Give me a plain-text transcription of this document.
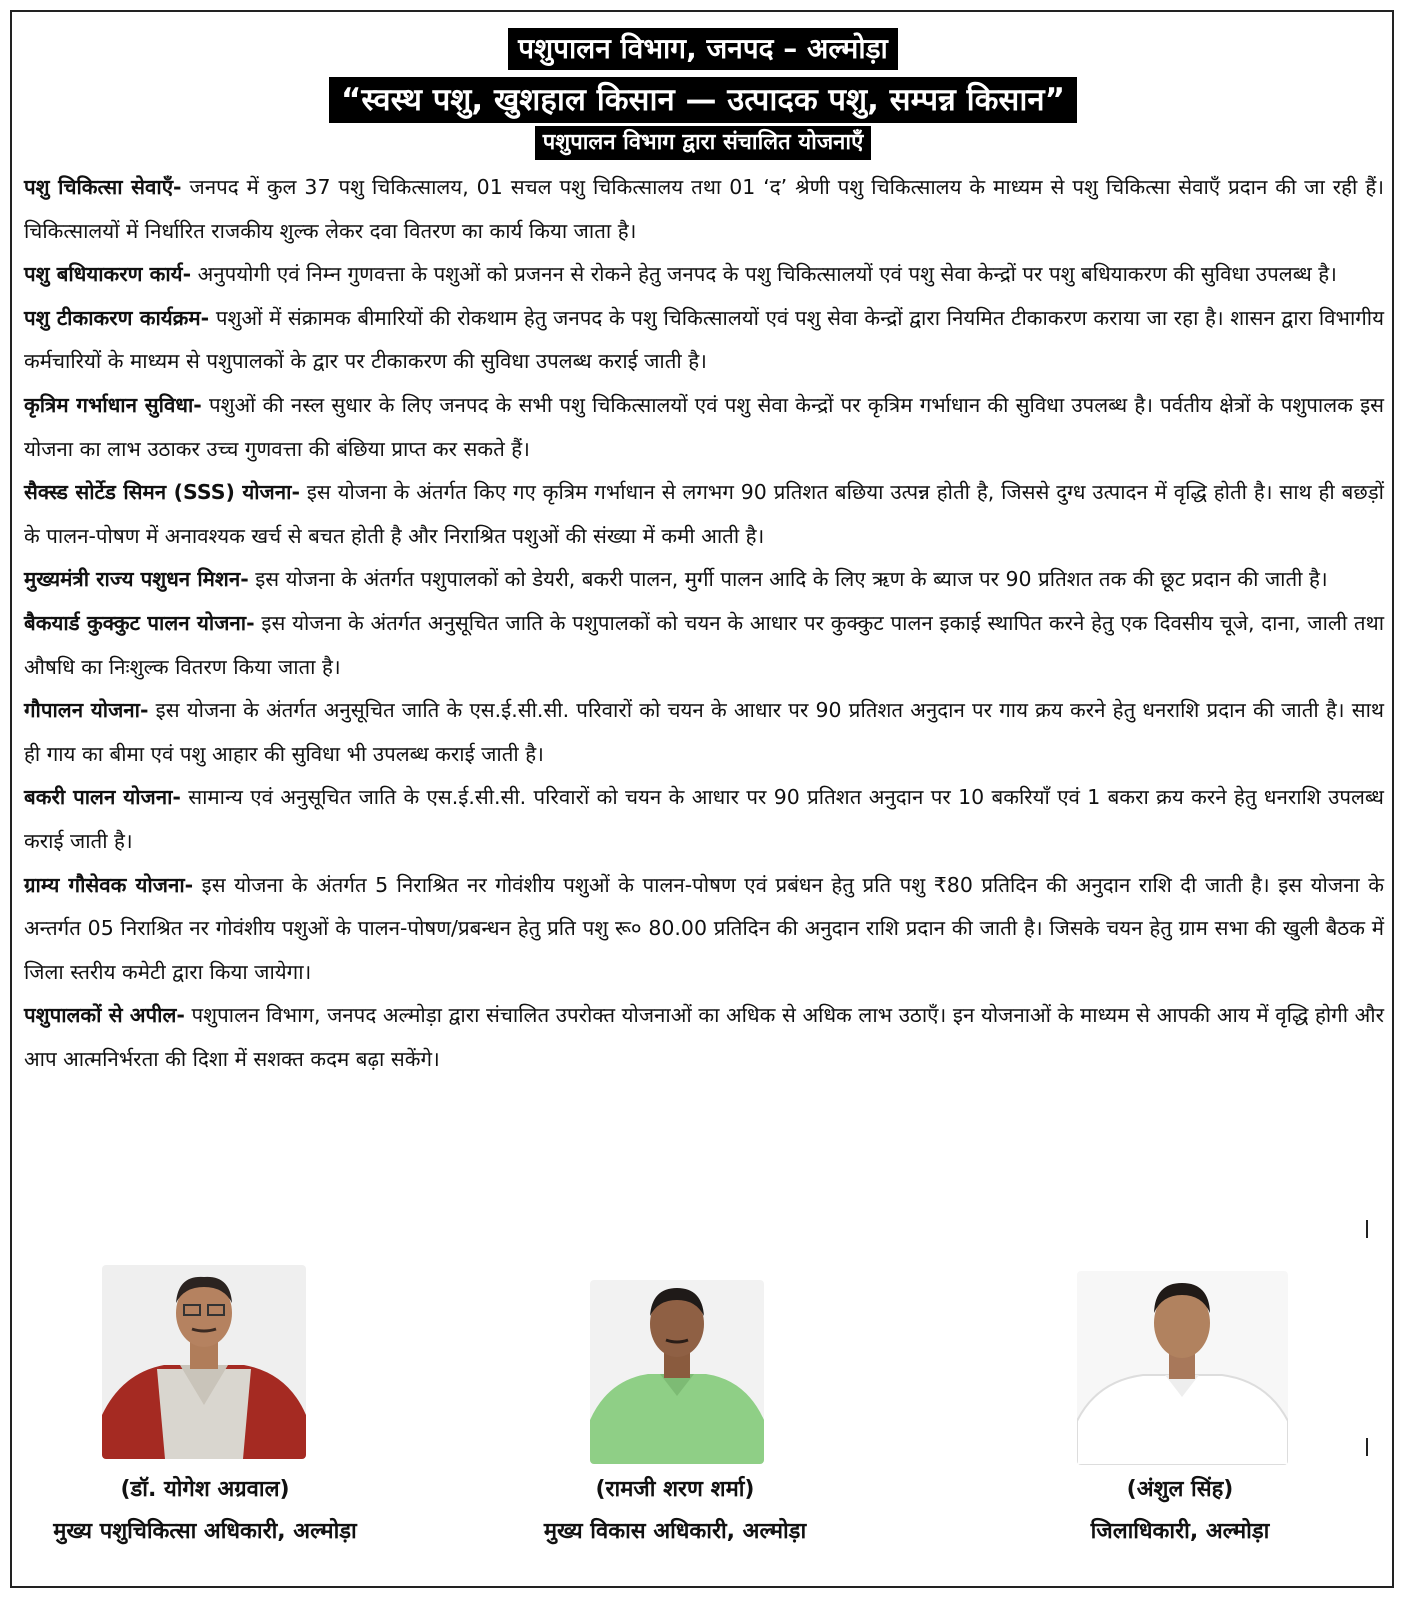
पशुपालन विभाग, जनपद – अल्मोड़ा
“स्वस्थ पशु, खुशहाल किसान — उत्पादक पशु, सम्पन्न किसान”
पशुपालन विभाग द्वारा संचालित योजनाएँ

पशु चिकित्सा सेवाएँ- जनपद में कुल 37 पशु चिकित्सालय, 01 सचल पशु चिकित्सालय तथा 01 ‘द’ श्रेणी पशु चिकित्सालय के माध्यम से पशु चिकित्सा सेवाएँ प्रदान की जा रही हैं। चिकित्सालयों में निर्धारित राजकीय शुल्क लेकर दवा वितरण का कार्य किया जाता है।

पशु बधियाकरण कार्य- अनुपयोगी एवं निम्न गुणवत्ता के पशुओं को प्रजनन से रोकने हेतु जनपद के पशु चिकित्सालयों एवं पशु सेवा केन्द्रों पर पशु बधियाकरण की सुविधा उपलब्ध है।

पशु टीकाकरण कार्यक्रम- पशुओं में संक्रामक बीमारियों की रोकथाम हेतु जनपद के पशु चिकित्सालयों एवं पशु सेवा केन्द्रों द्वारा नियमित टीकाकरण कराया जा रहा है। शासन द्वारा विभागीय कर्मचारियों के माध्यम से पशुपालकों के द्वार पर टीकाकरण की सुविधा उपलब्ध कराई जाती है।

कृत्रिम गर्भाधान सुविधा- पशुओं की नस्ल सुधार के लिए जनपद के सभी पशु चिकित्सालयों एवं पशु सेवा केन्द्रों पर कृत्रिम गर्भाधान की सुविधा उपलब्ध है। पर्वतीय क्षेत्रों के पशुपालक इस योजना का लाभ उठाकर उच्च गुणवत्ता की बंछिया प्राप्त कर सकते हैं।

सैक्स्ड सोर्टेड सिमन (SSS) योजना- इस योजना के अंतर्गत किए गए कृत्रिम गर्भाधान से लगभग 90 प्रतिशत बछिया उत्पन्न होती है, जिससे दुग्ध उत्पादन में वृद्धि होती है। साथ ही बछड़ों के पालन-पोषण में अनावश्यक खर्च से बचत होती है और निराश्रित पशुओं की संख्या में कमी आती है।

मुख्यमंत्री राज्य पशुधन मिशन- इस योजना के अंतर्गत पशुपालकों को डेयरी, बकरी पालन, मुर्गी पालन आदि के लिए ऋण के ब्याज पर 90 प्रतिशत तक की छूट प्रदान की जाती है।

बैकयार्ड कुक्कुट पालन योजना- इस योजना के अंतर्गत अनुसूचित जाति के पशुपालकों को चयन के आधार पर कुक्कुट पालन इकाई स्थापित करने हेतु एक दिवसीय चूजे, दाना, जाली तथा औषधि का निःशुल्क वितरण किया जाता है।

गौपालन योजना- इस योजना के अंतर्गत अनुसूचित जाति के एस.ई.सी.सी. परिवारों को चयन के आधार पर 90 प्रतिशत अनुदान पर गाय क्रय करने हेतु धनराशि प्रदान की जाती है। साथ ही गाय का बीमा एवं पशु आहार की सुविधा भी उपलब्ध कराई जाती है।

बकरी पालन योजना- सामान्य एवं अनुसूचित जाति के एस.ई.सी.सी. परिवारों को चयन के आधार पर 90 प्रतिशत अनुदान पर 10 बकरियाँ एवं 1 बकरा क्रय करने हेतु धनराशि उपलब्ध कराई जाती है।

ग्राम्य गौसेवक योजना- इस योजना के अंतर्गत 5 निराश्रित नर गोवंशीय पशुओं के पालन-पोषण एवं प्रबंधन हेतु प्रति पशु ₹80 प्रतिदिन की अनुदान राशि दी जाती है। इस योजना के अन्तर्गत 05 निराश्रित नर गोवंशीय पशुओं के पालन-पोषण/प्रबन्धन हेतु प्रति पशु रू० 80.00 प्रतिदिन की अनुदान राशि प्रदान की जाती है। जिसके चयन हेतु ग्राम सभा की खुली बैठक में जिला स्तरीय कमेटी द्वारा किया जायेगा।

पशुपालकों से अपील- पशुपालन विभाग, जनपद अल्मोड़ा द्वारा संचालित उपरोक्त योजनाओं का अधिक से अधिक लाभ उठाएँ। इन योजनाओं के माध्यम से आपकी आय में वृद्धि होगी और आप आत्मनिर्भरता की दिशा में सशक्त कदम बढ़ा सकेंगे।

(डॉ. योगेश अग्रवाल)
मुख्य पशुचिकित्सा अधिकारी, अल्मोड़ा
(रामजी शरण शर्मा)
मुख्य विकास अधिकारी, अल्मोड़ा
(अंशुल सिंह)
जिलाधिकारी, अल्मोड़ा
